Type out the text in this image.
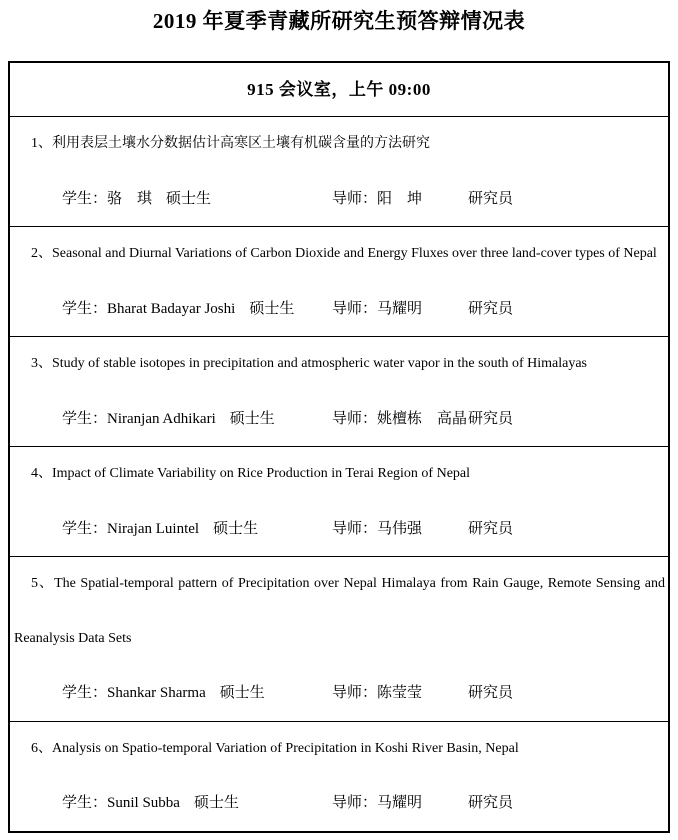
2019 年夏季青藏所研究生预答辩情况表
915 会议室，上午 09:00

1、利用表层土壤水分数据估计高寒区土壤有机碳含量的方法研究

学生：骆　琪 硕士生	导师：阳　坤	研究员

2、Seasonal and Diurnal Variations of Carbon Dioxide and Energy Fluxes over three land-cover types of Nepal

学生：Bharat Badayar Joshi 硕士生	导师：马耀明	研究员

3、Study of stable isotopes in precipitation and atmospheric water vapor in the south of Himalayas

学生：Niranjan Adhikari 硕士生	导师：姚檀栋　高晶 研究员

4、Impact of Climate Variability on Rice Production in Terai Region of Nepal

学生：Nirajan Luintel 硕士生	导师：马伟强	研究员

5、The Spatial-temporal pattern of Precipitation over Nepal Himalaya from Rain Gauge, Remote Sensing and Reanalysis Data Sets

学生：Shankar Sharma 硕士生	导师：陈莹莹	研究员

6、Analysis on Spatio-temporal Variation of Precipitation in Koshi River Basin, Nepal

学生：Sunil Subba 硕士生	导师：马耀明	研究员
